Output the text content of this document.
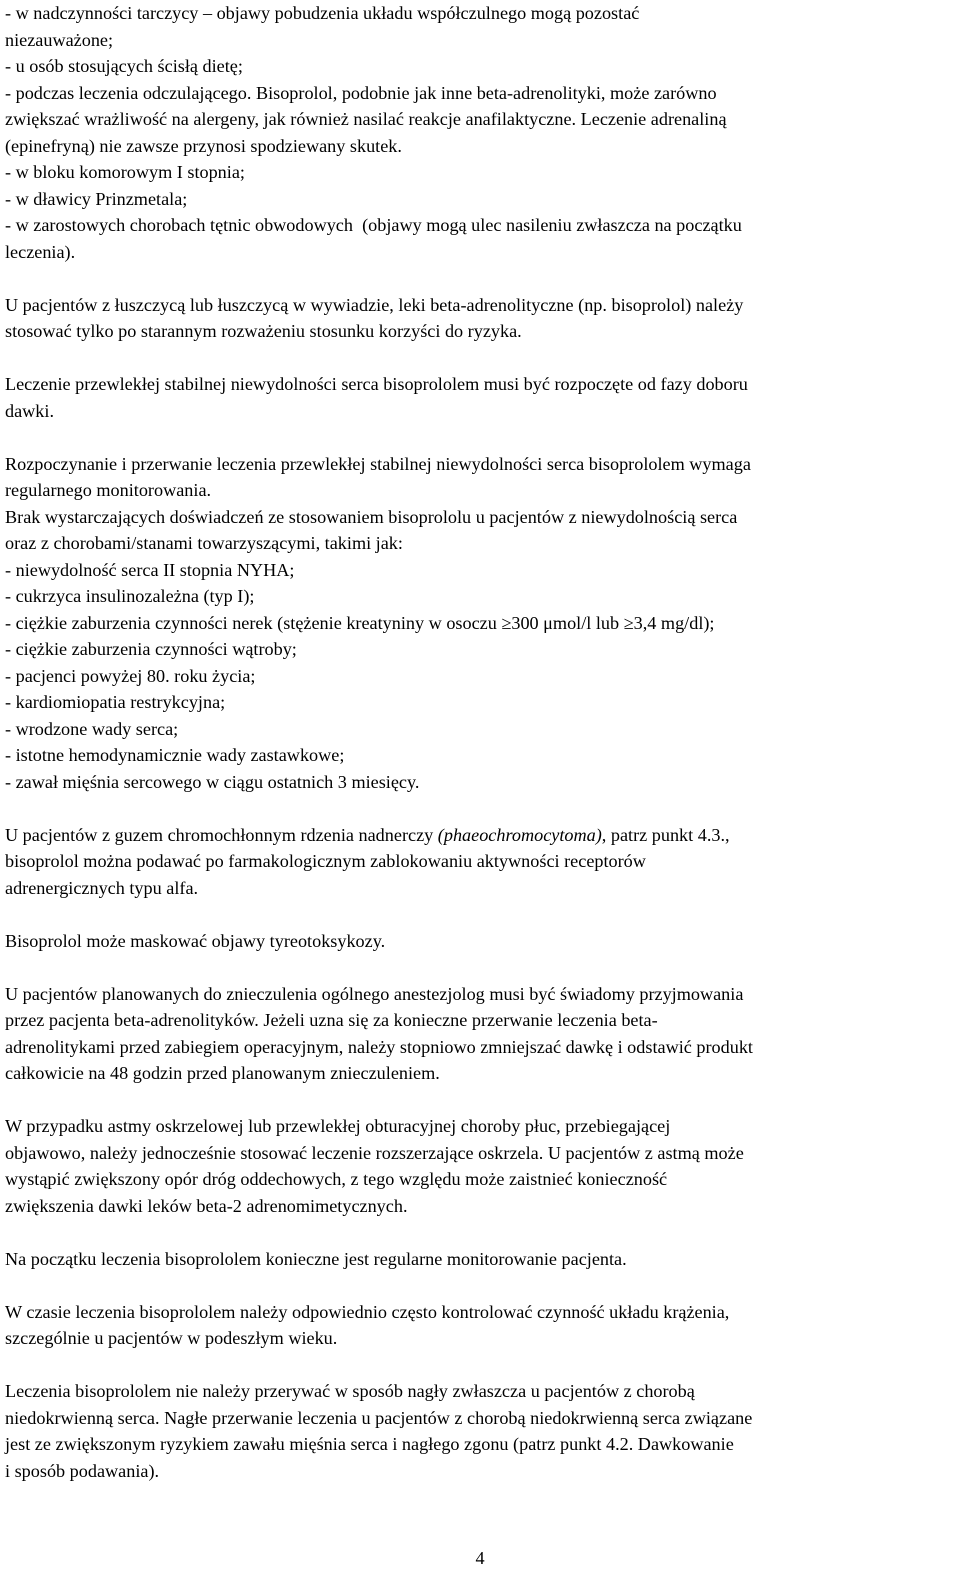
- w nadczynności tarczycy – objawy pobudzenia układu współczulnego mogą pozostać
niezauważone;
- u osób stosujących ścisłą dietę;
- podczas leczenia odczulającego. Bisoprolol, podobnie jak inne beta-adrenolityki, może zarówno
zwiększać wrażliwość na alergeny, jak również nasilać reakcje anafilaktyczne. Leczenie adrenaliną
(epinefryną) nie zawsze przynosi spodziewany skutek.
- w bloku komorowym I stopnia;
- w dławicy Prinzmetala;
- w zarostowych chorobach tętnic obwodowych  (objawy mogą ulec nasileniu zwłaszcza na początku
leczenia).
U pacjentów z łuszczycą lub łuszczycą w wywiadzie, leki beta-adrenolityczne (np. bisoprolol) należy
stosować tylko po starannym rozważeniu stosunku korzyści do ryzyka.
Leczenie przewlekłej stabilnej niewydolności serca bisoprololem musi być rozpoczęte od fazy doboru
dawki.
Rozpoczynanie i przerwanie leczenia przewlekłej stabilnej niewydolności serca bisoprololem wymaga
regularnego monitorowania.
Brak wystarczających doświadczeń ze stosowaniem bisoprololu u pacjentów z niewydolnością serca
oraz z chorobami/stanami towarzyszącymi, takimi jak:
- niewydolność serca II stopnia NYHA;
- cukrzyca insulinozależna (typ I);
- ciężkie zaburzenia czynności nerek (stężenie kreatyniny w osoczu ≥300 μmol/l lub ≥3,4 mg/dl);
- ciężkie zaburzenia czynności wątroby;
- pacjenci powyżej 80. roku życia;
- kardiomiopatia restrykcyjna;
- wrodzone wady serca;
- istotne hemodynamicznie wady zastawkowe;
- zawał mięśnia sercowego w ciągu ostatnich 3 miesięcy.
U pacjentów z guzem chromochłonnym rdzenia nadnerczy (phaeochromocytoma), patrz punkt 4.3.,
bisoprolol można podawać po farmakologicznym zablokowaniu aktywności receptorów
adrenergicznych typu alfa.
Bisoprolol może maskować objawy tyreotoksykozy.
U pacjentów planowanych do znieczulenia ogólnego anestezjolog musi być świadomy przyjmowania
przez pacjenta beta-adrenolityków. Jeżeli uzna się za konieczne przerwanie leczenia beta-
adrenolitykami przed zabiegiem operacyjnym, należy stopniowo zmniejszać dawkę i odstawić produkt
całkowicie na 48 godzin przed planowanym znieczuleniem.
W przypadku astmy oskrzelowej lub przewlekłej obturacyjnej choroby płuc, przebiegającej
objawowo, należy jednocześnie stosować leczenie rozszerzające oskrzela. U pacjentów z astmą może
wystąpić zwiększony opór dróg oddechowych, z tego względu może zaistnieć konieczność
zwiększenia dawki leków beta-2 adrenomimetycznych.
Na początku leczenia bisoprololem konieczne jest regularne monitorowanie pacjenta.
W czasie leczenia bisoprololem należy odpowiednio często kontrolować czynność układu krążenia,
szczególnie u pacjentów w podeszłym wieku.
Leczenia bisoprololem nie należy przerywać w sposób nagły zwłaszcza u pacjentów z chorobą
niedokrwienną serca. Nagłe przerwanie leczenia u pacjentów z chorobą niedokrwienną serca związane
jest ze zwiększonym ryzykiem zawału mięśnia serca i nagłego zgonu (patrz punkt 4.2. Dawkowanie
i sposób podawania).
4
